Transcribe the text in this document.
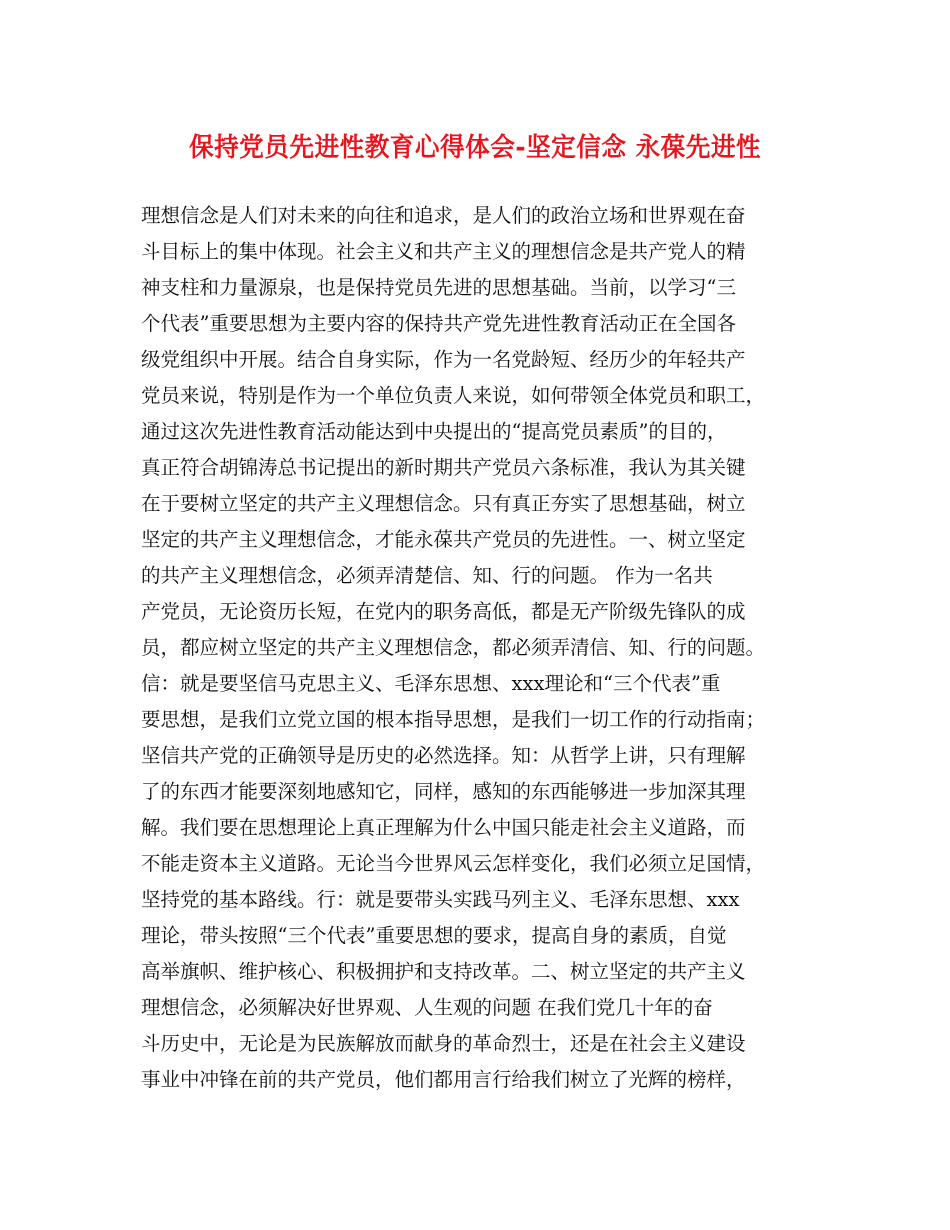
保持党员先进性教育心得体会-坚定信念 永葆先进性
理想信念是人们对未来的向往和追求，是人们的政治立场和世界观在奋
斗目标上的集中体现。社会主义和共产主义的理想信念是共产党人的精
神支柱和力量源泉，也是保持党员先进的思想基础。当前，以学习“三
个代表”重要思想为主要内容的保持共产党先进性教育活动正在全国各
级党组织中开展。结合自身实际，作为一名党龄短、经历少的年轻共产
党员来说，特别是作为一个单位负责人来说，如何带领全体党员和职工，
通过这次先进性教育活动能达到中央提出的“提高党员素质”的目的，
真正符合胡锦涛总书记提出的新时期共产党员六条标准，我认为其关键
在于要树立坚定的共产主义理想信念。只有真正夯实了思想基础，树立
坚定的共产主义理想信念，才能永葆共产党员的先进性。一、树立坚定
的共产主义理想信念，必须弄清楚信、知、行的问题。 作为一名共
产党员，无论资历长短，在党内的职务高低，都是无产阶级先锋队的成
员，都应树立坚定的共产主义理想信念，都必须弄清信、知、行的问题。
信：就是要坚信马克思主义、毛泽东思想、xxx理论和“三个代表”重
要思想，是我们立党立国的根本指导思想，是我们一切工作的行动指南；
坚信共产党的正确领导是历史的必然选择。知：从哲学上讲，只有理解
了的东西才能要深刻地感知它，同样，感知的东西能够进一步加深其理
解。我们要在思想理论上真正理解为什么中国只能走社会主义道路，而
不能走资本主义道路。无论当今世界风云怎样变化，我们必须立足国情，
坚持党的基本路线。行：就是要带头实践马列主义、毛泽东思想、xxx
理论，带头按照“三个代表”重要思想的要求，提高自身的素质，自觉
高举旗帜、维护核心、积极拥护和支持改革。二、树立坚定的共产主义
理想信念，必须解决好世界观、人生观的问题 在我们党几十年的奋
斗历史中，无论是为民族解放而献身的革命烈士，还是在社会主义建设
事业中冲锋在前的共产党员，他们都用言行给我们树立了光辉的榜样，
